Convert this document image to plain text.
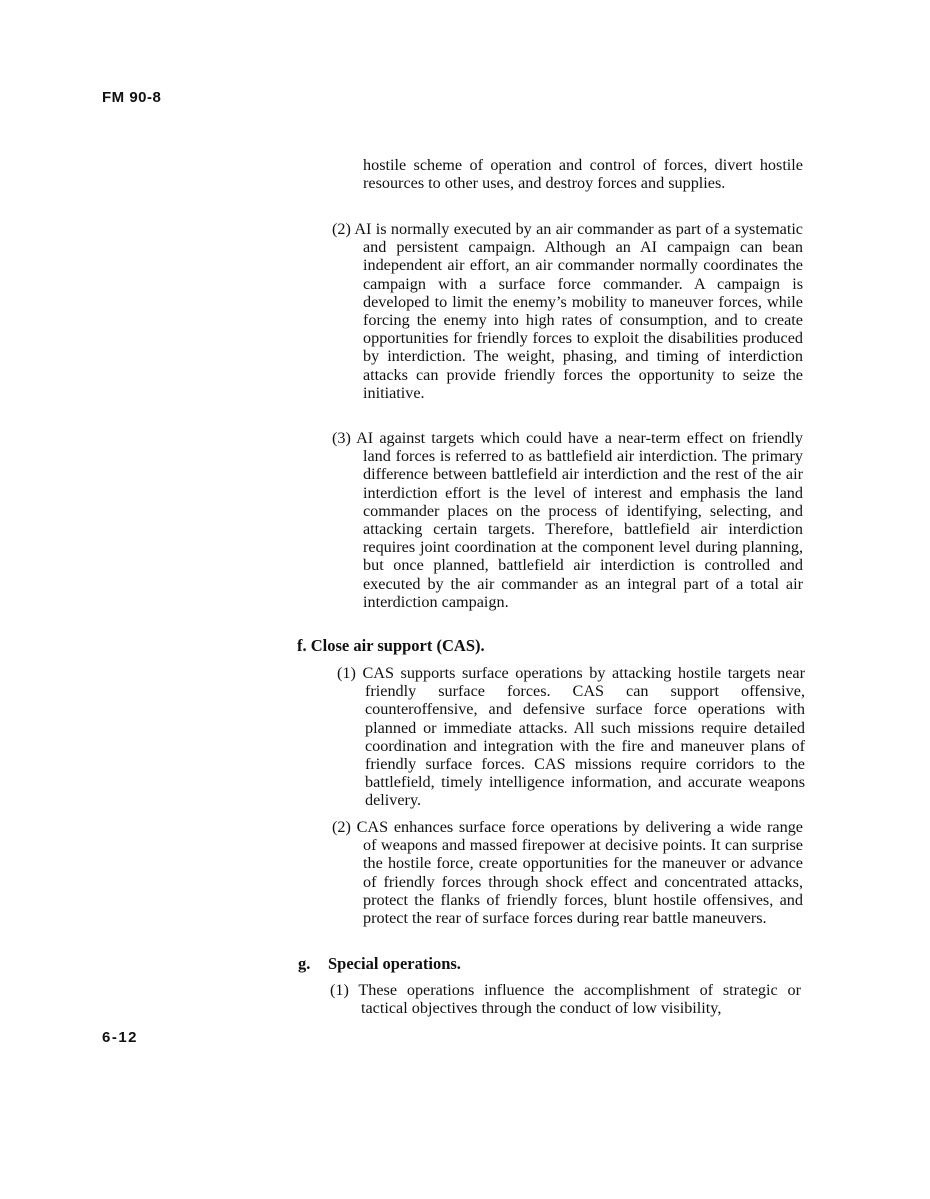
FM 90-8
hostile scheme of operation and control of forces, divert hostile resources to other uses, and destroy forces and supplies.
(2) AI is normally executed by an air commander as part of a systematic and persistent campaign. Although an AI campaign can bean independent air effort, an air commander normally coordinates the campaign with a surface force commander. A campaign is developed to limit the enemy’s mobility to maneuver forces, while forcing the enemy into high rates of consumption, and to create opportunities for friendly forces to exploit the disabilities produced by interdiction. The weight, phasing, and timing of interdiction attacks can provide friendly forces the opportunity to seize the initiative.
(3) AI against targets which could have a near-term effect on friendly land forces is referred to as battlefield air interdiction. The primary difference between battlefield air interdiction and the rest of the air interdiction effort is the level of interest and emphasis the land commander places on the process of identifying, selecting, and attacking certain targets. Therefore, battlefield air interdiction requires joint coordination at the component level during planning, but once planned, battlefield air interdiction is controlled and executed by the air commander as an integral part of a total air interdiction campaign.
f. Close air support (CAS).
(1) CAS supports surface operations by attacking hostile targets near friendly surface forces. CAS can support offensive, counteroffensive, and defensive surface force operations with planned or immediate attacks. All such missions require detailed coordination and integration with the fire and maneuver plans of friendly surface forces. CAS missions require corridors to the battlefield, timely intelligence information, and accurate weapons delivery.
(2) CAS enhances surface force operations by delivering a wide range of weapons and massed firepower at decisive points. It can surprise the hostile force, create opportunities for the maneuver or advance of friendly forces through shock effect and concentrated attacks, protect the flanks of friendly forces, blunt hostile offensives, and protect the rear of surface forces during rear battle maneuvers.
g. Special operations.
(1) These operations influence the accomplishment of strategic or tactical objectives through the conduct of low visibility,
6-12
